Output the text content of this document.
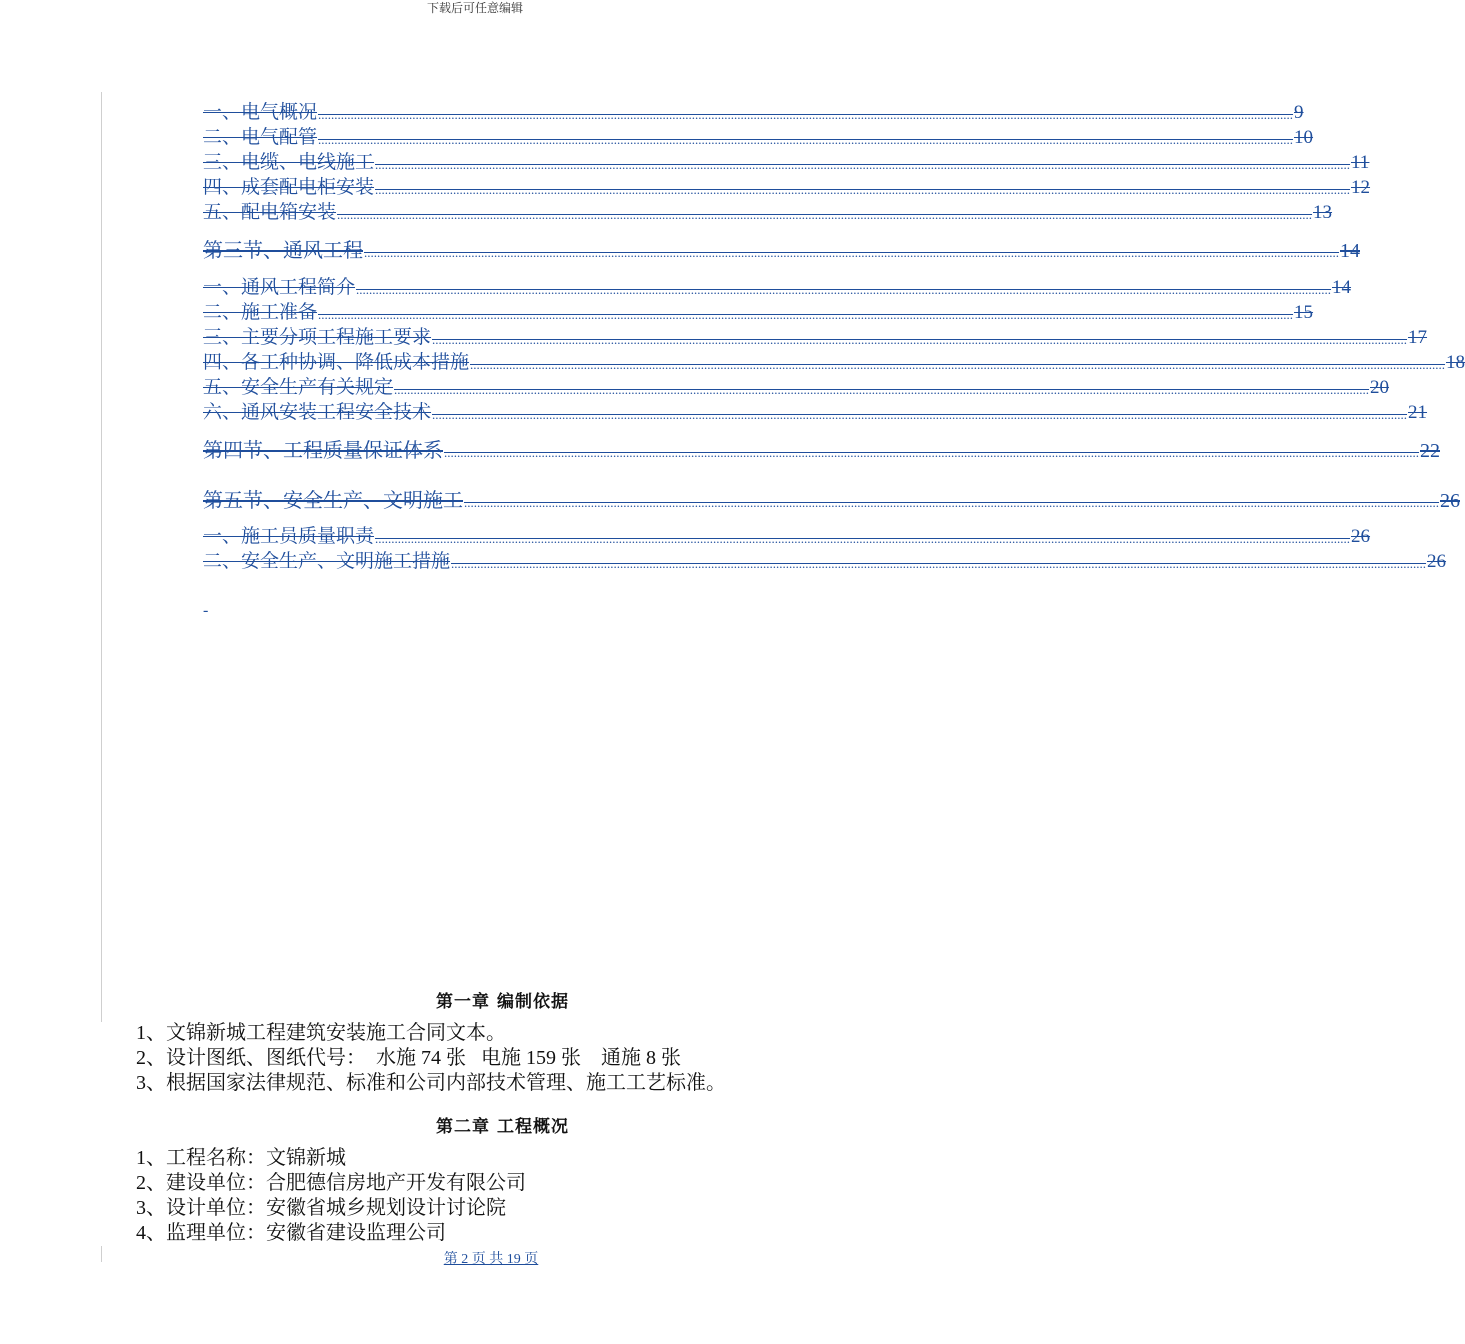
下载后可任意编辑
一、电气概况 ............................................................................................................................................................................................................................................................................................................ 9
二、电气配管 ............................................................................................................................................................................................................................................................................................................ 10
三、电缆、电线施工 ............................................................................................................................................................................................................................................................................................................ 11
四、成套配电柜安装 ............................................................................................................................................................................................................................................................................................................ 12
五、配电箱安装 ............................................................................................................................................................................................................................................................................................................ 13
第三节、通风工程 ............................................................................................................................................................................................................................................................................................................ 14
一、通风工程简介 ............................................................................................................................................................................................................................................................................................................ 14
二、施工准备 ............................................................................................................................................................................................................................................................................................................ 15
三、主要分项工程施工要求 ............................................................................................................................................................................................................................................................................................................ 17
四、各工种协调、降低成本措施 ............................................................................................................................................................................................................................................................................................................ 18
五、安全生产有关规定 ............................................................................................................................................................................................................................................................................................................ 20
六、通风安装工程安全技术 ............................................................................................................................................................................................................................................................................................................ 21
第四节、工程质量保证体系 ............................................................................................................................................................................................................................................................................................................ 22
第五节、安全生产、文明施工 ............................................................................................................................................................................................................................................................................................................ 26
一、施工员质量职责 ............................................................................................................................................................................................................................................................................................................ 26
二、安全生产、文明施工措施 ............................................................................................................................................................................................................................................................................................................ 26
-
第一章 编制依据
1、文锦新城工程建筑安装施工合同文本。
2、设计图纸、图纸代号：  水施 74 张   电施 159 张    通施 8 张
3、根据国家法律规范、标准和公司内部技术管理、施工工艺标准。
第二章 工程概况
1、工程名称：文锦新城
2、建设单位：合肥德信房地产开发有限公司
3、设计单位：安徽省城乡规划设计讨论院
4、监理单位：安徽省建设监理公司
第 2 页 共 19 页
